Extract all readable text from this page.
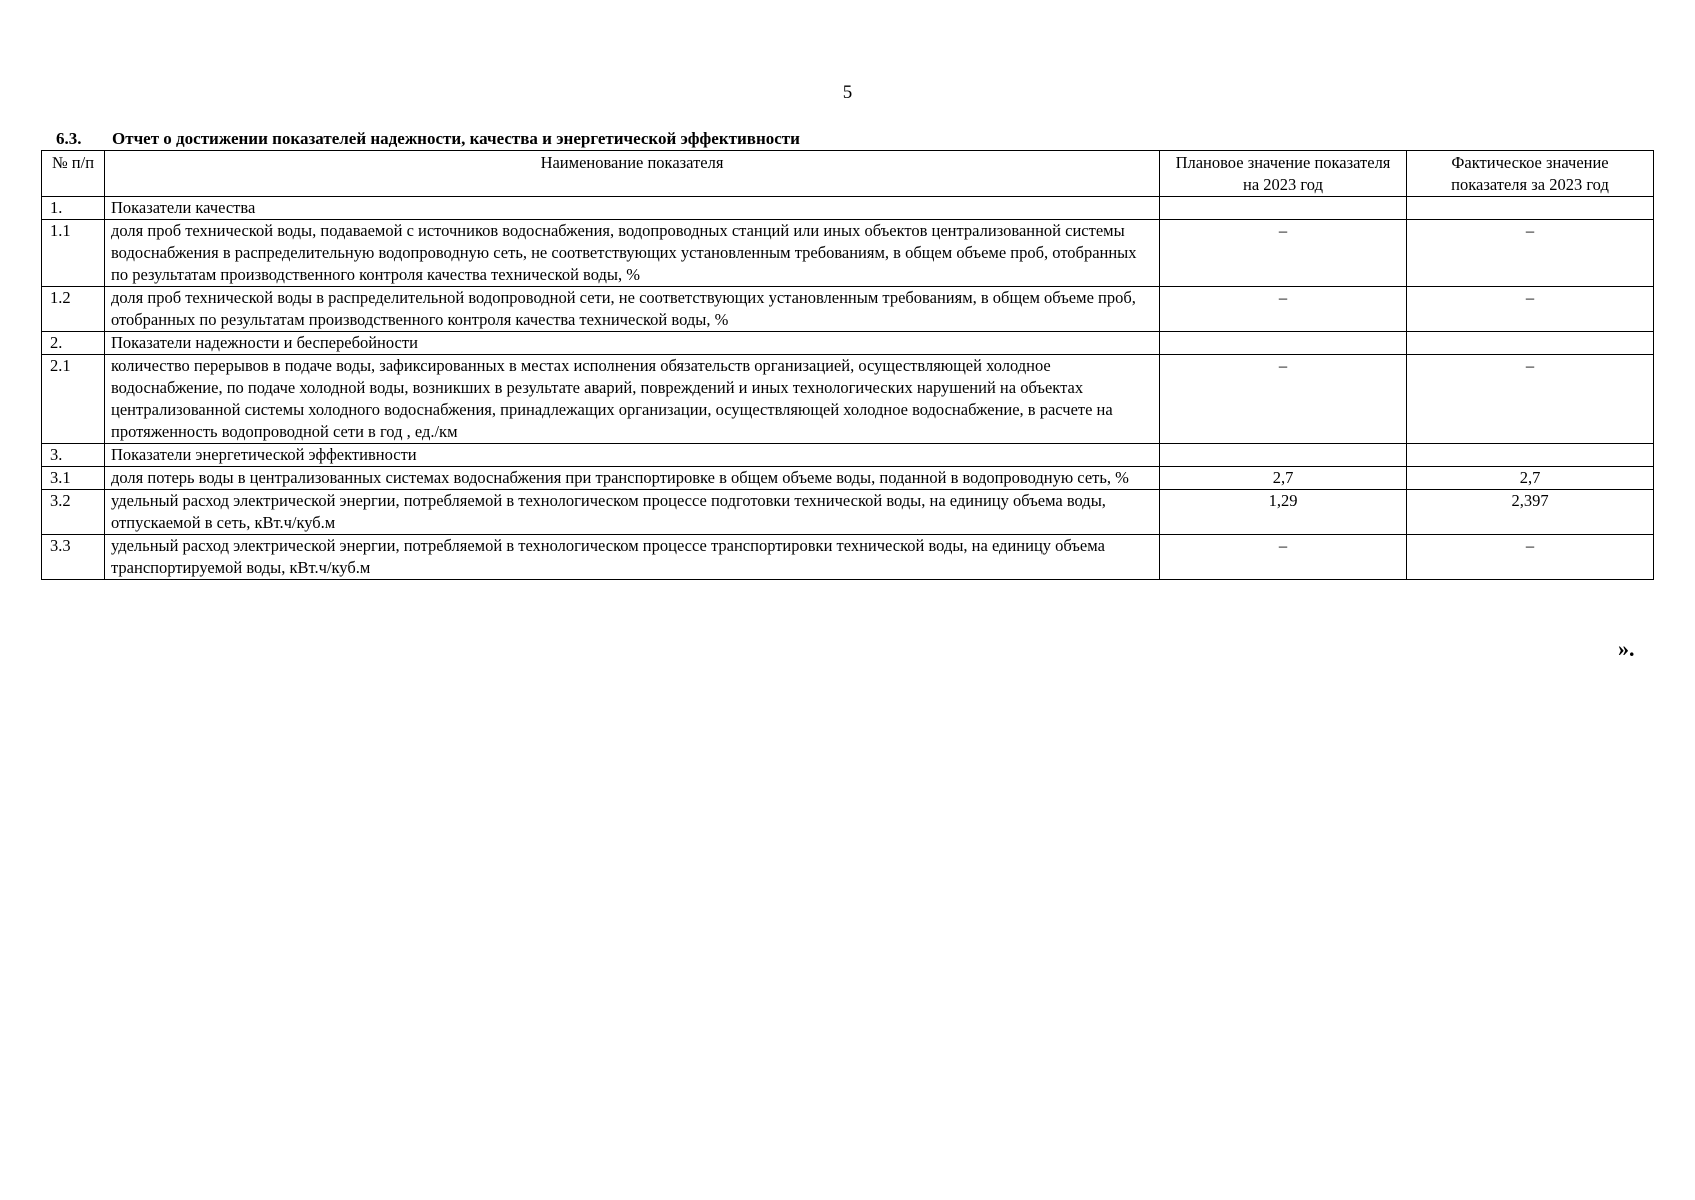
5
6.3. Отчет о достижении показателей надежности, качества и энергетической эффективности
№ п/п	Наименование показателя	Плановое значение показателя на 2023 год	Фактическое значение показателя за 2023 год
1.	Показатели качества		
1.1	доля проб технической воды, подаваемой с источников водоснабжения, водопроводных станций или иных объектов централизованной системы водоснабжения в распределительную водопроводную сеть, не соответствующих установленным требованиям, в общем объеме проб, отобранных по результатам производственного контроля качества технической воды, %	–	–
1.2	доля проб технической воды в распределительной водопроводной сети, не соответствующих установленным требованиям, в общем объеме проб, отобранных по результатам производственного контроля качества технической воды, %	–	–
2.	Показатели надежности и бесперебойности		
2.1	количество перерывов в подаче воды, зафиксированных в местах исполнения обязательств организацией, осуществляющей холодное водоснабжение, по подаче холодной воды, возникших в результате аварий, повреждений и иных технологических нарушений на объектах централизованной системы холодного водоснабжения, принадлежащих организации, осуществляющей холодное водоснабжение, в расчете на протяженность водопроводной сети в год , ед./км	–	–
3.	Показатели энергетической эффективности		
3.1	доля потерь воды в централизованных системах водоснабжения при транспортировке в общем объеме воды, поданной в водопроводную сеть, %	2,7	2,7
3.2	удельный расход электрической энергии, потребляемой в технологическом процессе подготовки технической воды, на единицу объема воды, отпускаемой в сеть, кВт.ч/куб.м	1,29	2,397
3.3	удельный расход электрической энергии, потребляемой в технологическом процессе транспортировки технической воды, на единицу объема транспортируемой воды, кВт.ч/куб.м	–	–
».
